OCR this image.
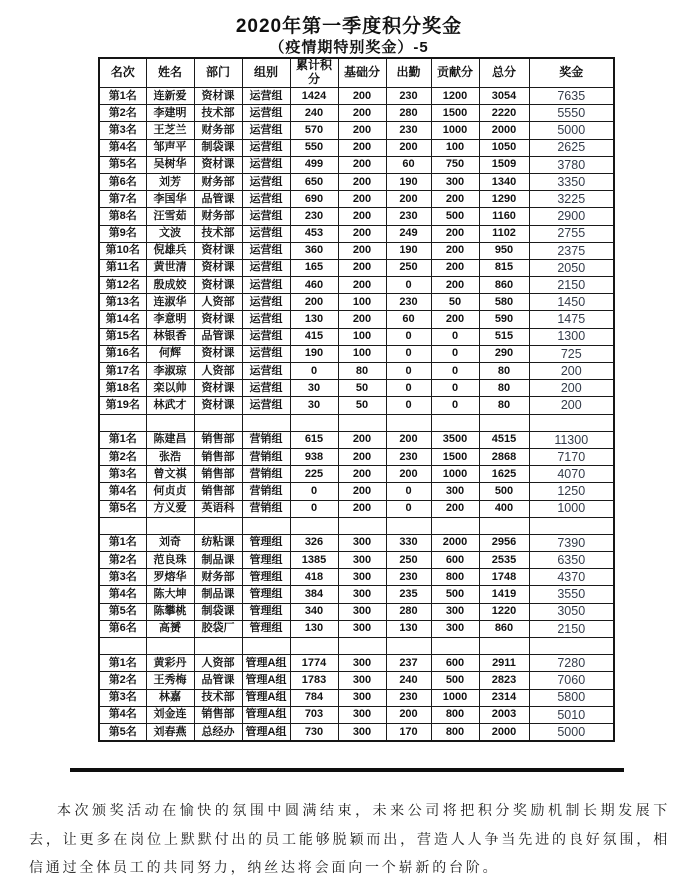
2020年第一季度积分奖金
（疫情期特别奖金）-5
名次	姓名	部门	组别	累计积分	基础分	出勤	贡献分	总分	奖金
第1名	连新爱	资材课	运营组	1424	200	230	1200	3054	7635
第2名	李建明	技术部	运营组	240	200	280	1500	2220	5550
第3名	王芝兰	财务部	运营组	570	200	230	1000	2000	5000
第4名	邹声平	制袋课	运营组	550	200	200	100	1050	2625
第5名	吴树华	资材课	运营组	499	200	60	750	1509	3780
第6名	刘芳	财务部	运营组	650	200	190	300	1340	3350
第7名	李国华	品管课	运营组	690	200	200	200	1290	3225
第8名	汪雪茹	财务部	运营组	230	200	230	500	1160	2900
第9名	文波	技术部	运营组	453	200	249	200	1102	2755
第10名	倪雄兵	资材课	运营组	360	200	190	200	950	2375
第11名	黄世清	资材课	运营组	165	200	250	200	815	2050
第12名	殷成姣	资材课	运营组	460	200	0	200	860	2150
第13名	连淑华	人资部	运营组	200	100	230	50	580	1450
第14名	李意明	资材课	运营组	130	200	60	200	590	1475
第15名	林银香	品管课	运营组	415	100	0	0	515	1300
第16名	何辉	资材课	运营组	190	100	0	0	290	725
第17名	李淑琼	人资部	运营组	0	80	0	0	80	200
第18名	栾以帅	资材课	运营组	30	50	0	0	80	200
第19名	林武才	资材课	运营组	30	50	0	0	80	200

第1名	陈建昌	销售部	营销组	615	200	200	3500	4515	11300
第2名	张浩	销售部	营销组	938	200	230	1500	2868	7170
第3名	曾文祺	销售部	营销组	225	200	200	1000	1625	4070
第4名	何贞贞	销售部	营销组	0	200	0	300	500	1250
第5名	方义爱	英语科	营销组	0	200	0	200	400	1000

第1名	刘奇	纺粘课	管理组	326	300	330	2000	2956	7390
第2名	范良珠	制品课	管理组	1385	300	250	600	2535	6350
第3名	罗熔华	财务部	管理组	418	300	230	800	1748	4370
第4名	陈大坤	制品课	管理组	384	300	235	500	1419	3550
第5名	陈攀桃	制袋课	管理组	340	300	280	300	1220	3050
第6名	高赟	胶袋厂	管理组	130	300	130	300	860	2150

第1名	黄彩丹	人资部	管理A组	1774	300	237	600	2911	7280
第2名	王秀梅	品管课	管理A组	1783	300	240	500	2823	7060
第3名	林嘉	技术部	管理A组	784	300	230	1000	2314	5800
第4名	刘金连	销售部	管理A组	703	300	200	800	2003	5010
第5名	刘春燕	总经办	管理A组	730	300	170	800	2000	5000

本次颁奖活动在愉快的氛围中圆满结束，未来公司将把积分奖励机制长期发展下去，让更多在岗位上默默付出的员工能够脱颖而出，营造人人争当先进的良好氛围，相信通过全体员工的共同努力，纳丝达将会面向一个崭新的台阶。
